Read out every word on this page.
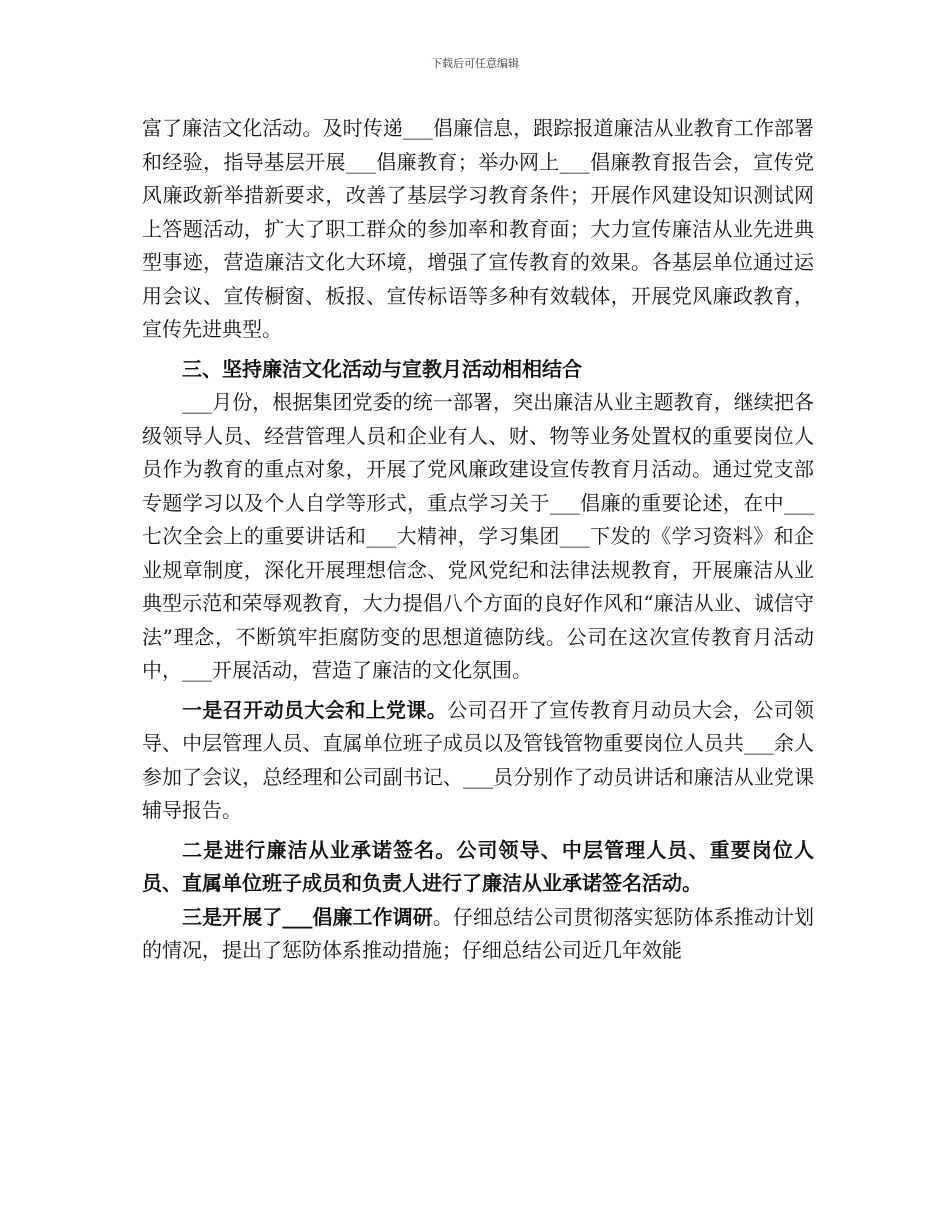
下载后可任意编辑

富了廉洁文化活动。及时传递___倡廉信息，跟踪报道廉洁从业教育工作部署和经验，指导基层开展___倡廉教育；举办网上___倡廉教育报告会，宣传党风廉政新举措新要求，改善了基层学习教育条件；开展作风建设知识测试网上答题活动，扩大了职工群众的参加率和教育面；大力宣传廉洁从业先进典型事迹，营造廉洁文化大环境，增强了宣传教育的效果。各基层单位通过运用会议、宣传橱窗、板报、宣传标语等多种有效载体，开展党风廉政教育，宣传先进典型。

三、坚持廉洁文化活动与宣教月活动相相结合

___月份，根据集团党委的统一部署，突出廉洁从业主题教育，继续把各级领导人员、经营管理人员和企业有人、财、物等业务处置权的重要岗位人员作为教育的重点对象，开展了党风廉政建设宣传教育月活动。通过党支部专题学习以及个人自学等形式，重点学习关于___倡廉的重要论述，在中___七次全会上的重要讲话和___大精神，学习集团___下发的《学习资料》和企业规章制度，深化开展理想信念、党风党纪和法律法规教育，开展廉洁从业典型示范和荣辱观教育，大力提倡八个方面的良好作风和“廉洁从业、诚信守法”理念，不断筑牢拒腐防变的思想道德防线。公司在这次宣传教育月活动中，___开展活动，营造了廉洁的文化氛围。

一是召开动员大会和上党课。公司召开了宣传教育月动员大会，公司领导、中层管理人员、直属单位班子成员以及管钱管物重要岗位人员共___余人参加了会议，总经理和公司副书记、___员分别作了动员讲话和廉洁从业党课辅导报告。

二是进行廉洁从业承诺签名。公司领导、中层管理人员、重要岗位人员、直属单位班子成员和负责人进行了廉洁从业承诺签名活动。

三是开展了___倡廉工作调研。仔细总结公司贯彻落实惩防体系推动计划的情况，提出了惩防体系推动措施；仔细总结公司近几年效能
